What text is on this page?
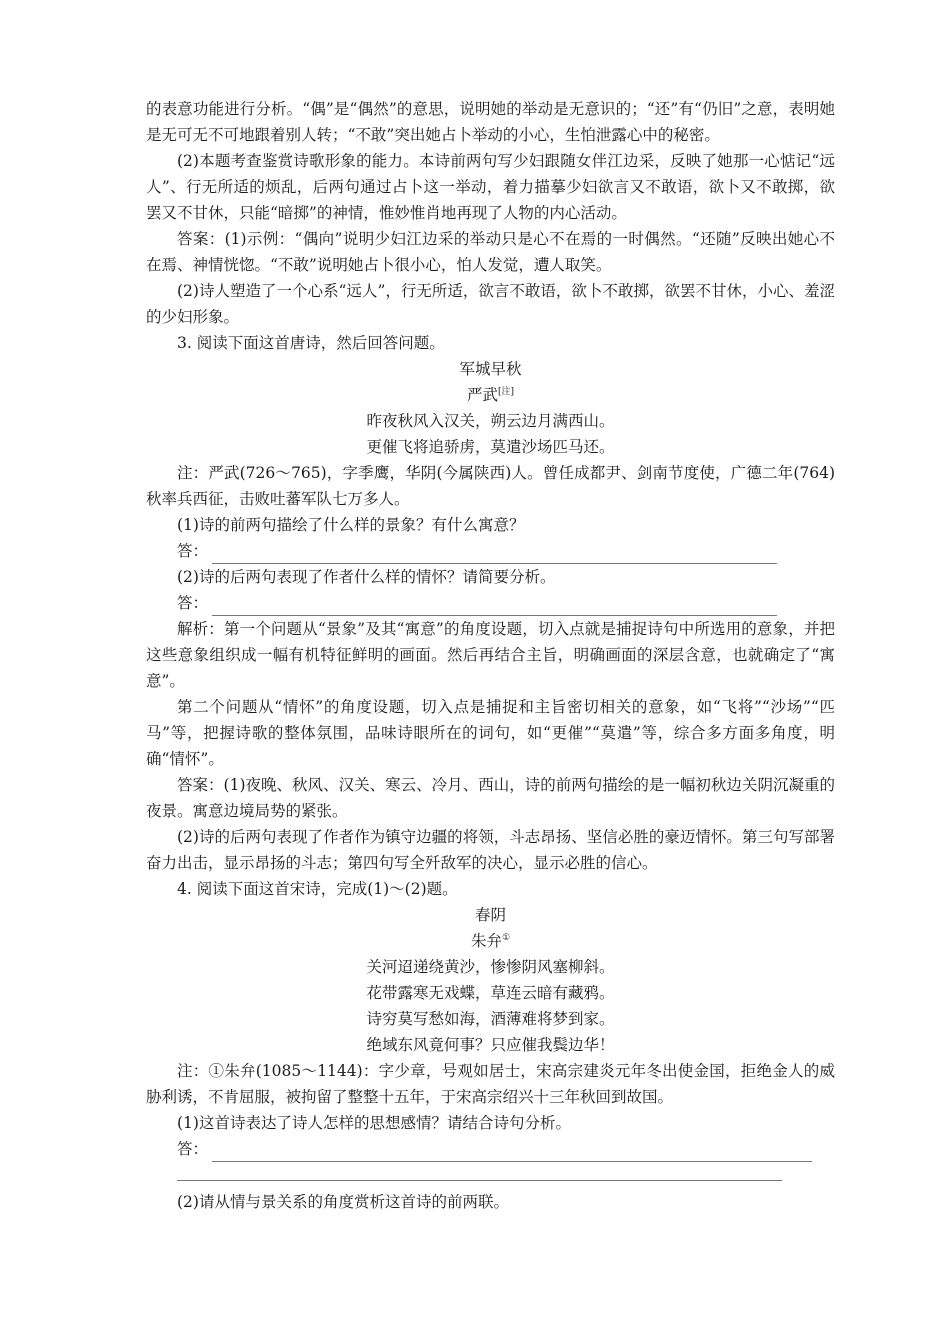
的表意功能进行分析。“偶”是“偶然”的意思，说明她的举动是无意识的；“还”有“仍旧”之意，表明她是无可无不可地跟着别人转；“不敢”突出她占卜举动的小心，生怕泄露心中的秘密。

(2)本题考查鉴赏诗歌形象的能力。本诗前两句写少妇跟随女伴江边采，反映了她那一心惦记“远人”、行无所适的烦乱，后两句通过占卜这一举动，着力描摹少妇欲言又不敢语，欲卜又不敢掷，欲罢又不甘休，只能“暗掷”的神情，惟妙惟肖地再现了人物的内心活动。

答案：(1)示例：“偶向”说明少妇江边采的举动只是心不在焉的一时偶然。“还随”反映出她心不在焉、神情恍惚。“不敢”说明她占卜很小心，怕人发觉，遭人取笑。

(2)诗人塑造了一个心系“远人”，行无所适，欲言不敢语，欲卜不敢掷，欲罢不甘休，小心、羞涩的少妇形象。

3. 阅读下面这首唐诗，然后回答问题。

军城早秋

严武[注]

昨夜秋风入汉关，朔云边月满西山。

更催飞将追骄虏，莫遣沙场匹马还。

注：严武(726～765)，字季鹰，华阴(今属陕西)人。曾任成都尹、剑南节度使，广德二年(764)秋率兵西征，击败吐蕃军队七万多人。

(1)诗的前两句描绘了什么样的景象？有什么寓意？

答：

(2)诗的后两句表现了作者什么样的情怀？请简要分析。

答：

解析：第一个问题从“景象”及其“寓意”的角度设题，切入点就是捕捉诗句中所选用的意象，并把这些意象组织成一幅有机特征鲜明的画面。然后再结合主旨，明确画面的深层含意，也就确定了“寓意”。

第二个问题从“情怀”的角度设题，切入点是捕捉和主旨密切相关的意象，如“飞将”“沙场”“匹马”等，把握诗歌的整体氛围，品味诗眼所在的词句，如“更催”“莫遣”等，综合多方面多角度，明确“情怀”。

答案：(1)夜晚、秋风、汉关、寒云、冷月、西山，诗的前两句描绘的是一幅初秋边关阴沉凝重的夜景。寓意边境局势的紧张。

(2)诗的后两句表现了作者作为镇守边疆的将领，斗志昂扬、坚信必胜的豪迈情怀。第三句写部署奋力出击，显示昂扬的斗志；第四句写全歼敌军的决心，显示必胜的信心。

4. 阅读下面这首宋诗，完成(1)～(2)题。

春阴

朱弁①

关河迢递绕黄沙，惨惨阴风塞柳斜。

花带露寒无戏蝶，草连云暗有藏鸦。

诗穷莫写愁如海，酒薄难将梦到家。

绝域东风竟何事？只应催我鬓边华！

注：①朱弁(1085～1144)：字少章，号观如居士，宋高宗建炎元年冬出使金国，拒绝金人的威胁利诱，不肯屈服，被拘留了整整十五年，于宋高宗绍兴十三年秋回到故国。

(1)这首诗表达了诗人怎样的思想感情？请结合诗句分析。

答：

(2)请从情与景关系的角度赏析这首诗的前两联。
